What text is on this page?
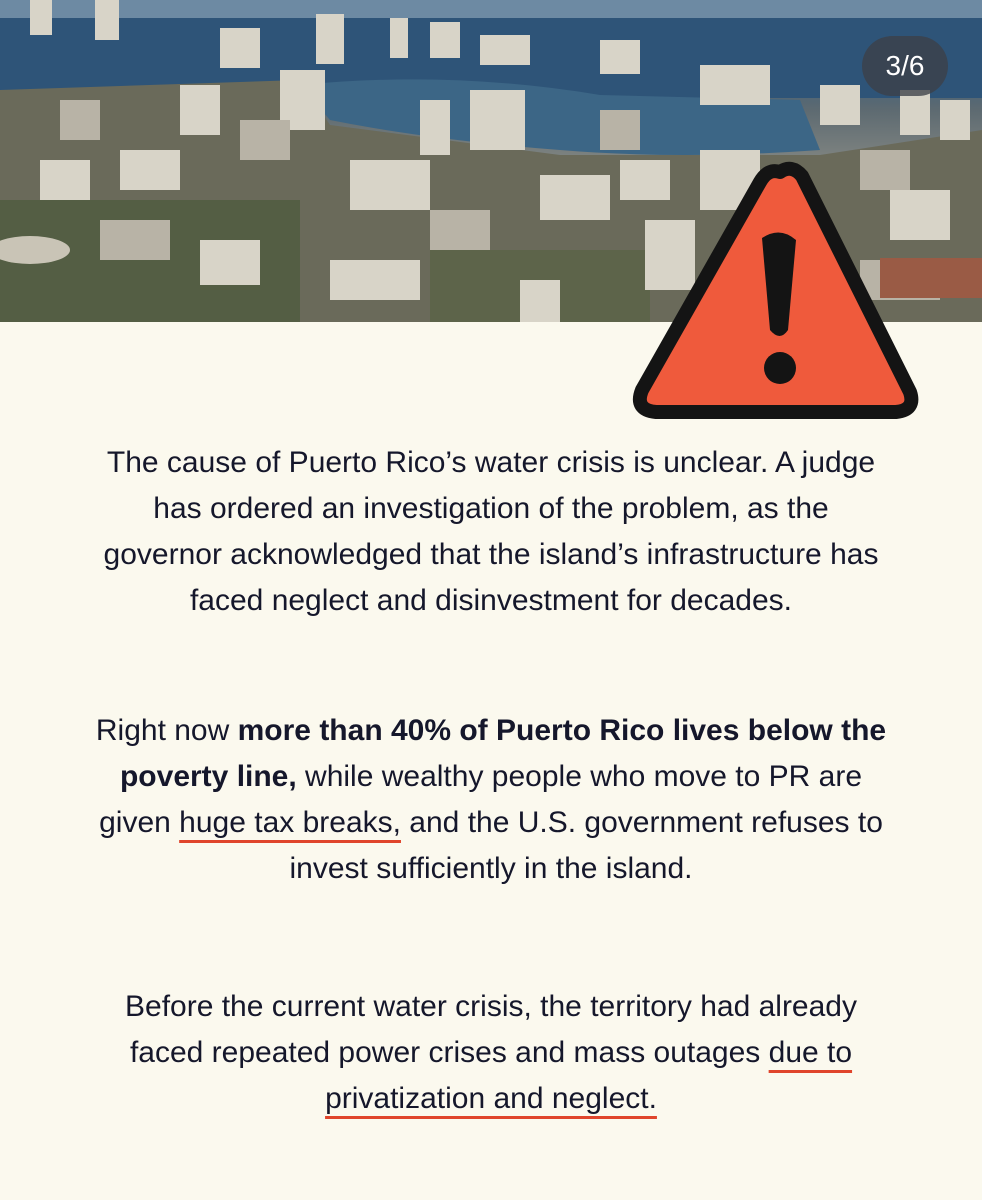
3/6
The cause of Puerto Rico’s water crisis is unclear. A judge has ordered an investigation of the problem, as the governor acknowledged that the island’s infrastructure has faced neglect and disinvestment for decades.
Right now more than 40% of Puerto Rico lives below the poverty line, while wealthy people who move to PR are given huge tax breaks, and the U.S. government refuses to invest sufficiently in the island.
Before the current water crisis, the territory had already faced repeated power crises and mass outages due to privatization and neglect.
